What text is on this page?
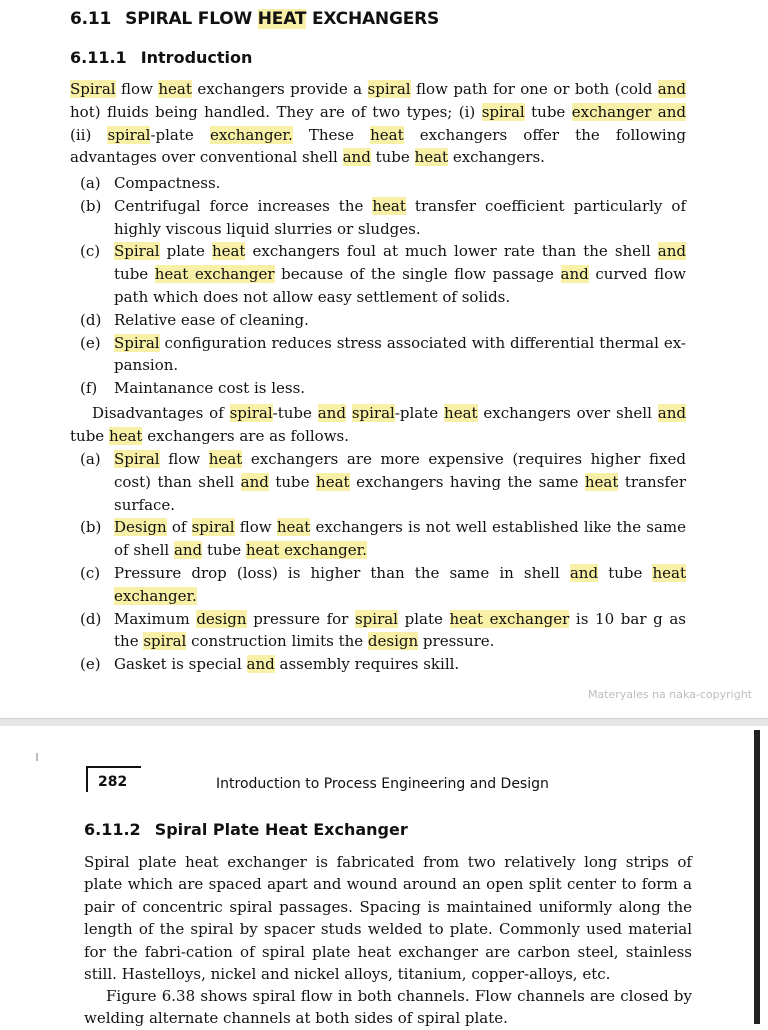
6.11 SPIRAL FLOW HEAT EXCHANGERS
6.11.1 Introduction
Spiral flow heat exchangers provide a spiral flow path for one or both (cold and hot) fluids being handled. They are of two types; (i) spiral tube exchanger and (ii) spiral-plate exchanger. These heat exchangers offer the following advantages over conventional shell and tube heat exchangers.
(a) Compactness.
(b) Centrifugal force increases the heat transfer coefficient particularly of highly viscous liquid slurries or sludges.
(c) Spiral plate heat exchangers foul at much lower rate than the shell and tube heat exchanger because of the single flow passage and curved flow path which does not allow easy settlement of solids.
(d) Relative ease of cleaning.
(e) Spiral configuration reduces stress associated with differential thermal ex-pansion.
(f) Maintanance cost is less.
Disadvantages of spiral-tube and spiral-plate heat exchangers over shell and tube heat exchangers are as follows.
(a) Spiral flow heat exchangers are more expensive (requires higher fixed cost) than shell and tube heat exchangers having the same heat transfer surface.
(b) Design of spiral flow heat exchangers is not well established like the same of shell and tube heat exchanger.
(c) Pressure drop (loss) is higher than the same in shell and tube heat exchanger.
(d) Maximum design pressure for spiral plate heat exchanger is 10 bar g as the spiral construction limits the design pressure.
(e) Gasket is special and assembly requires skill.
Materyales na naka-copyright
282	Introduction to Process Engineering and Design
6.11.2 Spiral Plate Heat Exchanger
Spiral plate heat exchanger is fabricated from two relatively long strips of plate which are spaced apart and wound around an open split center to form a pair of concentric spiral passages. Spacing is maintained uniformly along the length of the spiral by spacer studs welded to plate. Commonly used material for the fabri-cation of spiral plate heat exchanger are carbon steel, stainless still. Hastelloys, nickel and nickel alloys, titanium, copper-alloys, etc.
Figure 6.38 shows spiral flow in both channels. Flow channels are closed by welding alternate channels at both sides of spiral plate.
